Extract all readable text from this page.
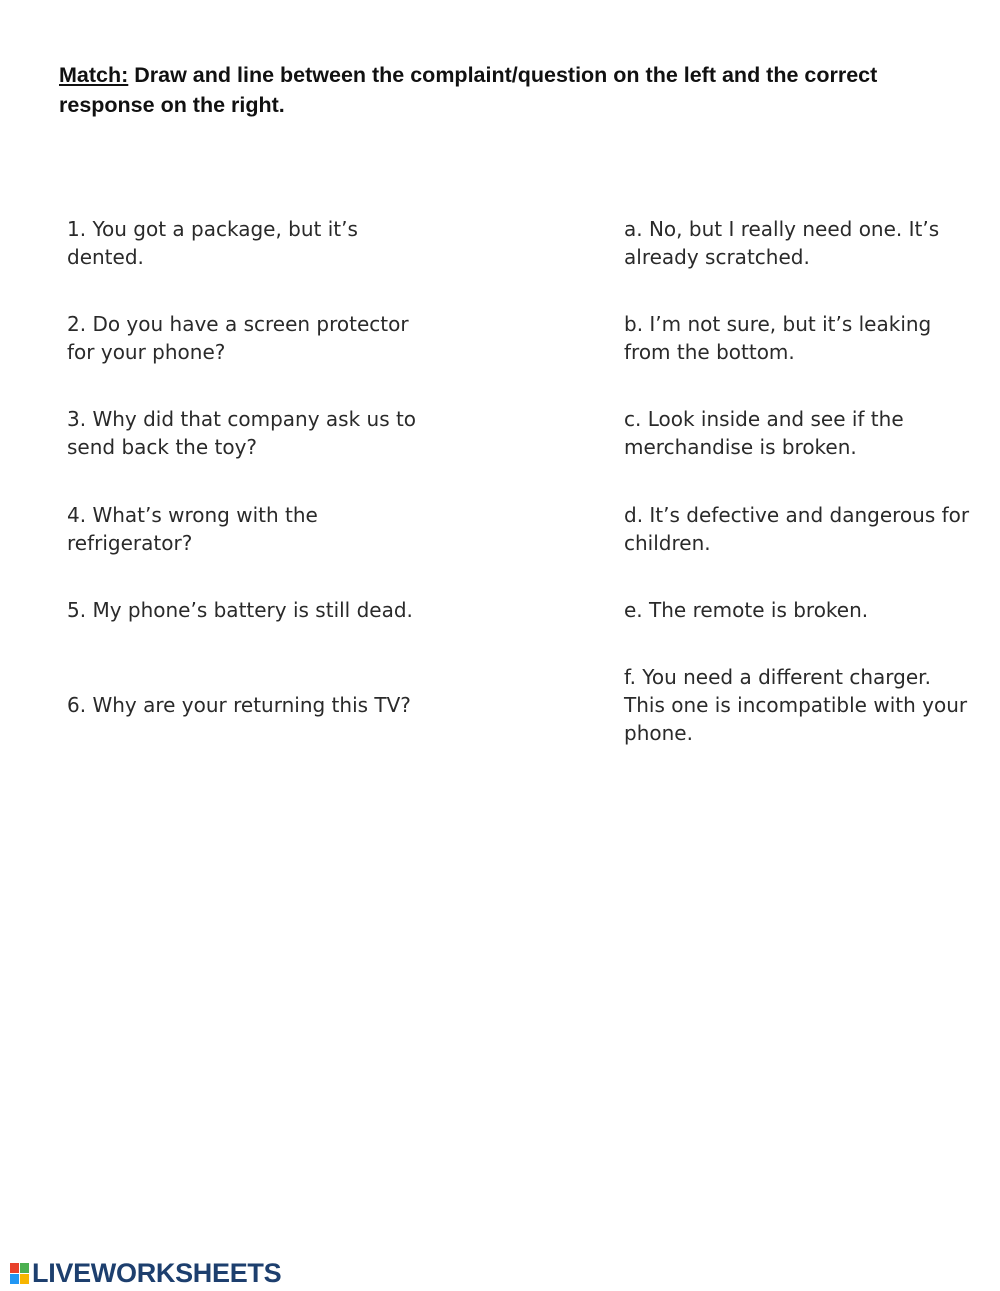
Match: Draw and line between the complaint/question on the left and the correct response on the right.

1. You got a package, but it’s dented.

2. Do you have a screen protector for your phone?

3. Why did that company ask us to send back the toy?

4. What’s wrong with the refrigerator?

5. My phone’s battery is still dead.

6. Why are your returning this TV?

a. No, but I really need one. It’s already scratched.

b. I’m not sure, but it’s leaking from the bottom.

c. Look inside and see if the merchandise is broken.

d. It’s defective and dangerous for children.

e. The remote is broken.

f. You need a different charger. This one is incompatible with your phone.

LIVEWORKSHEETS
